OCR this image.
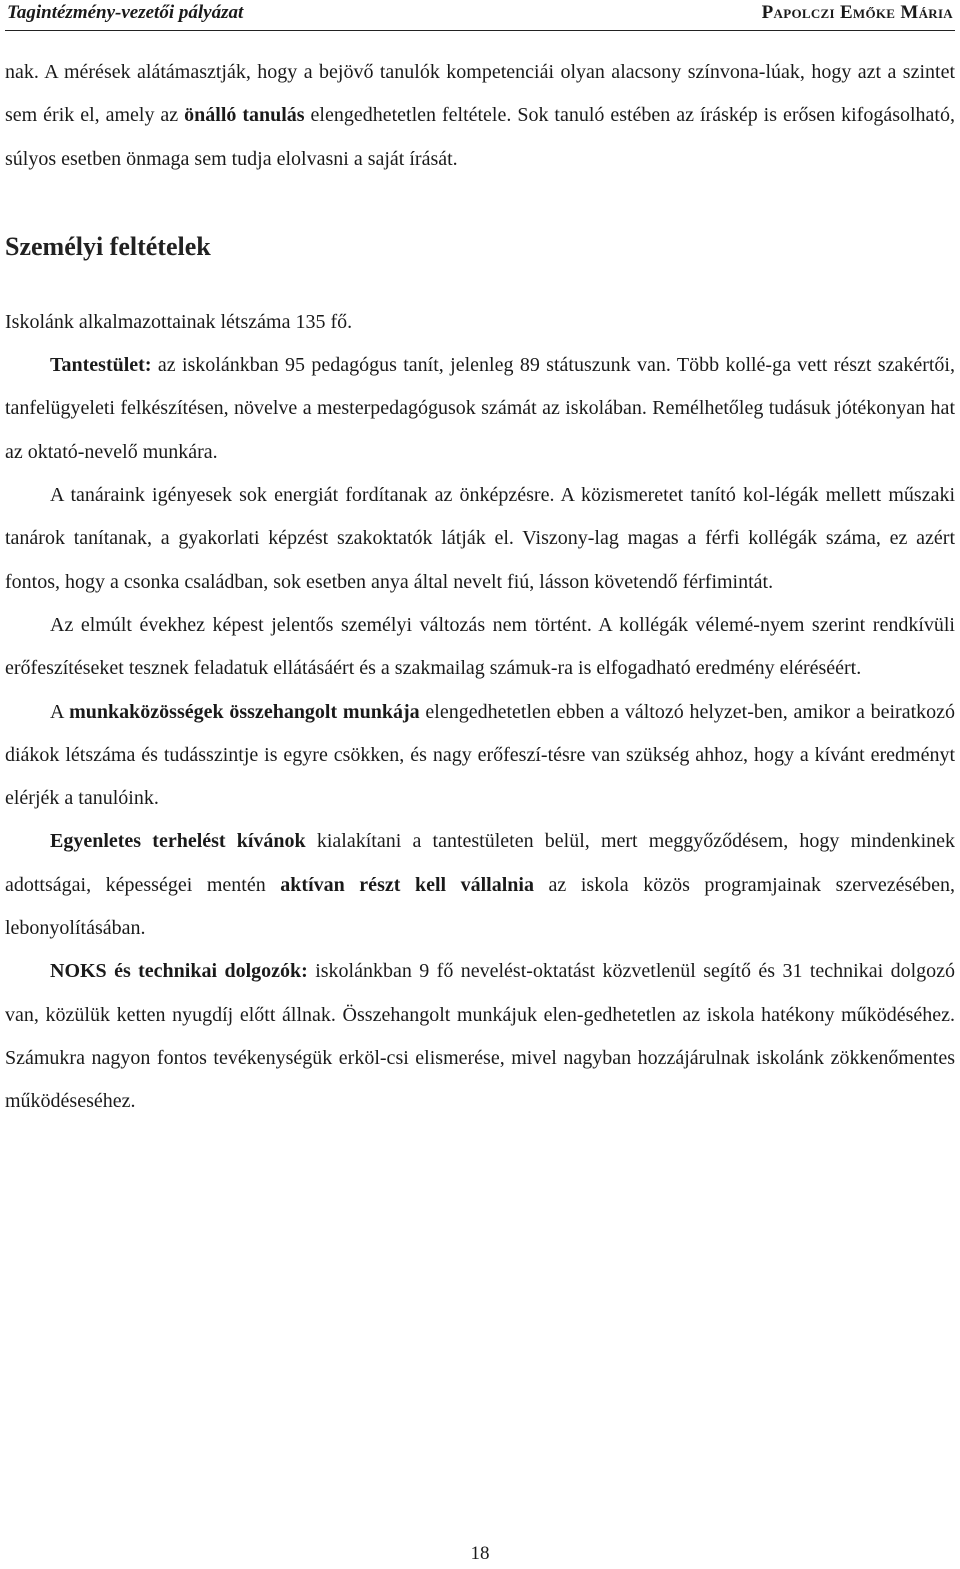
Tagintézmény-vezetői pályázat	Papolczi Emőke Mária

nak. A mérések alátámasztják, hogy a bejövő tanulók kompetenciái olyan alacsony színvona-lúak, hogy azt a szintet sem érik el, amely az önálló tanulás elengedhetetlen feltétele. Sok tanuló estében az íráskép is erősen kifogásolható, súlyos esetben önmaga sem tudja elolvasni a saját írását.

Személyi feltételek

Iskolánk alkalmazottainak létszáma 135 fő.

Tantestület: az iskolánkban 95 pedagógus tanít, jelenleg 89 státuszunk van. Több kollé-ga vett részt szakértői, tanfelügyeleti felkészítésen, növelve a mesterpedagógusok számát az iskolában. Remélhetőleg tudásuk jótékonyan hat az oktató-nevelő munkára.

A tanáraink igényesek sok energiát fordítanak az önképzésre. A közismeretet tanító kol-légák mellett műszaki tanárok tanítanak, a gyakorlati képzést szakoktatók látják el. Viszony-lag magas a férfi kollégák száma, ez azért fontos, hogy a csonka családban, sok esetben anya által nevelt fiú, lásson követendő férfimintát.

Az elmúlt évekhez képest jelentős személyi változás nem történt. A kollégák vélemé-nyem szerint rendkívüli erőfeszítéseket tesznek feladatuk ellátásáért és a szakmailag számuk-ra is elfogadható eredmény eléréséért.

A munkaközösségek összehangolt munkája elengedhetetlen ebben a változó helyzet-ben, amikor a beiratkozó diákok létszáma és tudásszintje is egyre csökken, és nagy erőfeszí-tésre van szükség ahhoz, hogy a kívánt eredményt elérjék a tanulóink.

Egyenletes terhelést kívánok kialakítani a tantestületen belül, mert meggyőződésem, hogy mindenkinek adottságai, képességei mentén aktívan részt kell vállalnia az iskola közös programjainak szervezésében, lebonyolításában.

NOKS és technikai dolgozók: iskolánkban 9 fő nevelést-oktatást közvetlenül segítő és 31 technikai dolgozó van, közülük ketten nyugdíj előtt állnak. Összehangolt munkájuk elen-gedhetetlen az iskola hatékony működéséhez. Számukra nagyon fontos tevékenységük erköl-csi elismerése, mivel nagyban hozzájárulnak iskolánk zökkenőmentes működéseséhez.

18
